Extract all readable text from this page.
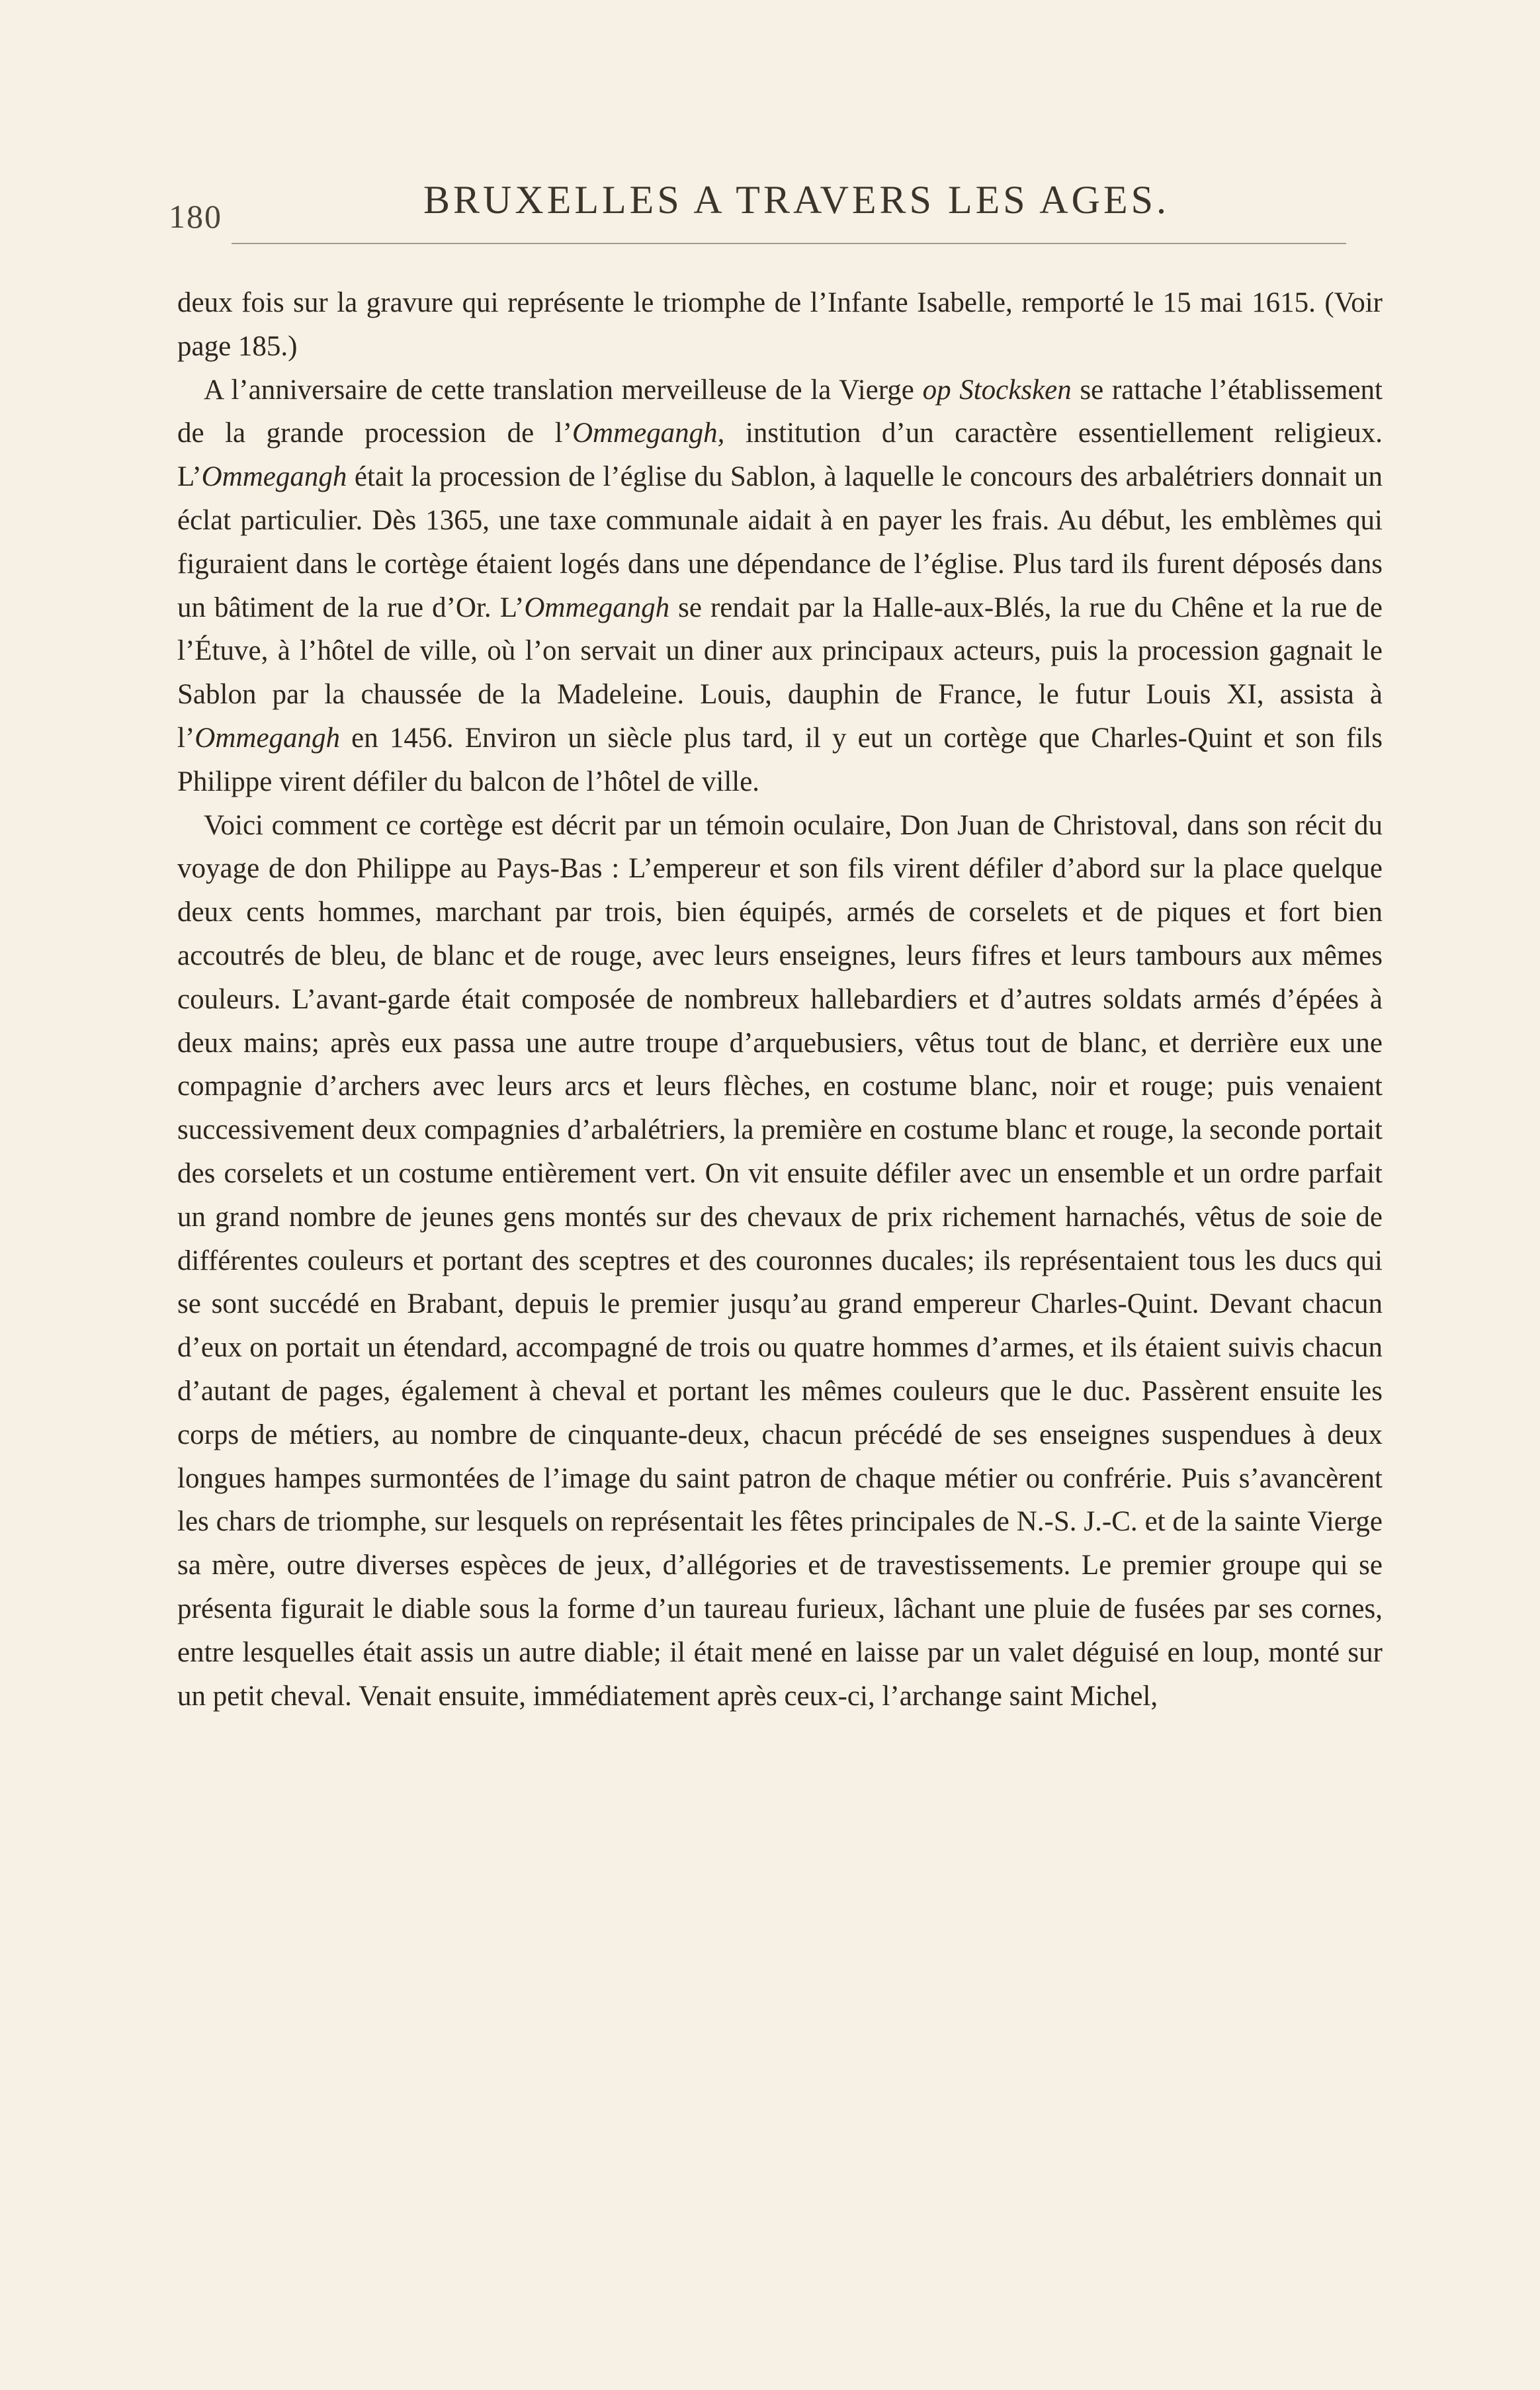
180	BRUXELLES A TRAVERS LES AGES.

deux fois sur la gravure qui représente le triomphe de l’Infante Isabelle, remporté le 15 mai 1615. (Voir page 185.)

A l’anniversaire de cette translation merveilleuse de la Vierge op Stocksken se rattache l’établissement de la grande procession de l’Ommegangh, institution d’un caractère essentiellement religieux. L’Ommegangh était la procession de l’église du Sablon, à laquelle le concours des arbalétriers donnait un éclat particulier. Dès 1365, une taxe communale aidait à en payer les frais. Au début, les emblèmes qui figuraient dans le cortège étaient logés dans une dépendance de l’église. Plus tard ils furent déposés dans un bâtiment de la rue d’Or. L’Ommegangh se rendait par la Halle-aux-Blés, la rue du Chêne et la rue de l’Étuve, à l’hôtel de ville, où l’on servait un diner aux principaux acteurs, puis la procession gagnait le Sablon par la chaussée de la Madeleine. Louis, dauphin de France, le futur Louis XI, assista à l’Ommegangh en 1456. Environ un siècle plus tard, il y eut un cortège que Charles-Quint et son fils Philippe virent défiler du balcon de l’hôtel de ville.

Voici comment ce cortège est décrit par un témoin oculaire, Don Juan de Christoval, dans son récit du voyage de don Philippe au Pays-Bas : L’empereur et son fils virent défiler d’abord sur la place quelque deux cents hommes, marchant par trois, bien équipés, armés de corselets et de piques et fort bien accoutrés de bleu, de blanc et de rouge, avec leurs enseignes, leurs fifres et leurs tambours aux mêmes couleurs. L’avant-garde était composée de nombreux hallebardiers et d’autres soldats armés d’épées à deux mains; après eux passa une autre troupe d’arquebusiers, vêtus tout de blanc, et derrière eux une compagnie d’archers avec leurs arcs et leurs flèches, en costume blanc, noir et rouge; puis venaient successivement deux compagnies d’arbalétriers, la première en costume blanc et rouge, la seconde portait des corselets et un costume entièrement vert. On vit ensuite défiler avec un ensemble et un ordre parfait un grand nombre de jeunes gens montés sur des chevaux de prix richement harnachés, vêtus de soie de différentes couleurs et portant des sceptres et des couronnes ducales; ils représentaient tous les ducs qui se sont succédé en Brabant, depuis le premier jusqu’au grand empereur Charles-Quint. Devant chacun d’eux on portait un étendard, accompagné de trois ou quatre hommes d’armes, et ils étaient suivis chacun d’autant de pages, également à cheval et portant les mêmes couleurs que le duc. Passèrent ensuite les corps de métiers, au nombre de cinquante-deux, chacun précédé de ses enseignes suspendues à deux longues hampes surmontées de l’image du saint patron de chaque métier ou confrérie. Puis s’avancèrent les chars de triomphe, sur lesquels on représentait les fêtes principales de N.-S. J.-C. et de la sainte Vierge sa mère, outre diverses espèces de jeux, d’allégories et de travestissements. Le premier groupe qui se présenta figurait le diable sous la forme d’un taureau furieux, lâchant une pluie de fusées par ses cornes, entre lesquelles était assis un autre diable; il était mené en laisse par un valet déguisé en loup, monté sur un petit cheval. Venait ensuite, immédiatement après ceux-ci, l’archange saint Michel,
